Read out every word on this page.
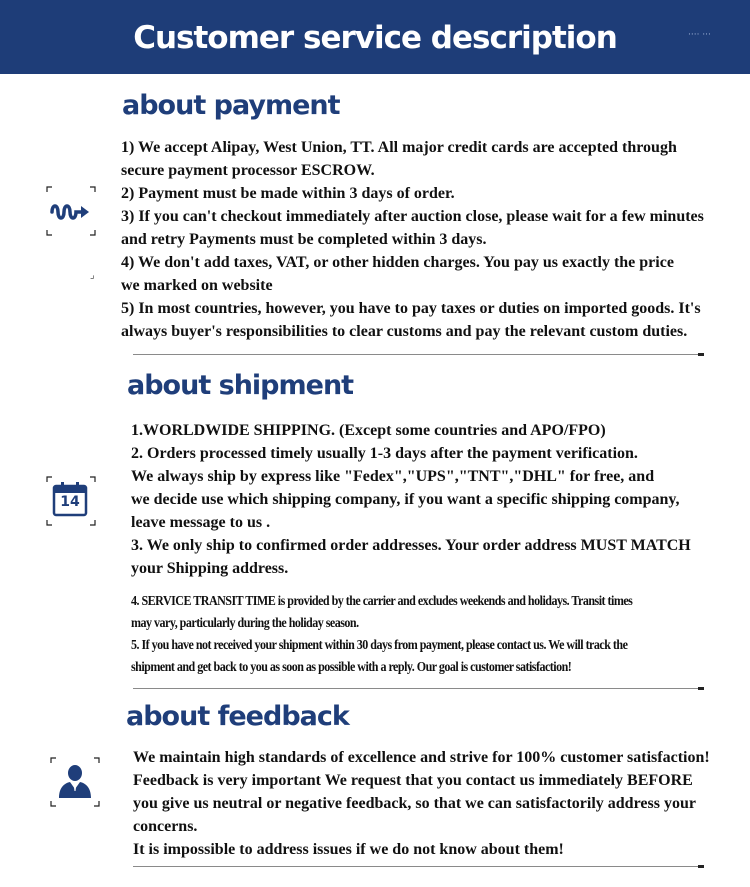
Customer service description	···· ···
about payment
⌟
1) We accept Alipay, West Union, TT. All major credit cards are accepted through
secure payment processor ESCROW.
2) Payment must be made within 3 days of order.
3) If you can't checkout immediately after auction close, please wait for a few minutes
and retry Payments must be completed within 3 days.
4) We don't add taxes, VAT, or other hidden charges. You pay us exactly the price
we marked on website
5) In most countries, however, you have to pay taxes or duties on imported goods. It's
always buyer's responsibilities to clear customs and pay the relevant custom duties.
about shipment
14
1.WORLDWIDE SHIPPING. (Except some countries and APO/FPO)
2. Orders processed timely usually 1-3 days after the payment verification.
We always ship by express like "Fedex","UPS","TNT","DHL" for free, and
we decide use which shipping company, if you want a specific shipping company,
leave message to us .
3. We only ship to confirmed order addresses. Your order address MUST MATCH
your Shipping address.
4. SERVICE TRANSIT TIME is provided by the carrier and excludes weekends and holidays. Transit times
may vary, particularly during the holiday season.
5. If you have not received your shipment within 30 days from payment, please contact us. We will track the
shipment and get back to you as soon as possible with a reply. Our goal is customer satisfaction!
about feedback
We maintain high standards of excellence and strive for 100% customer satisfaction!
Feedback is very important We request that you contact us immediately BEFORE
you give us neutral or negative feedback, so that we can satisfactorily address your
concerns.
It is impossible to address issues if we do not know about them!
